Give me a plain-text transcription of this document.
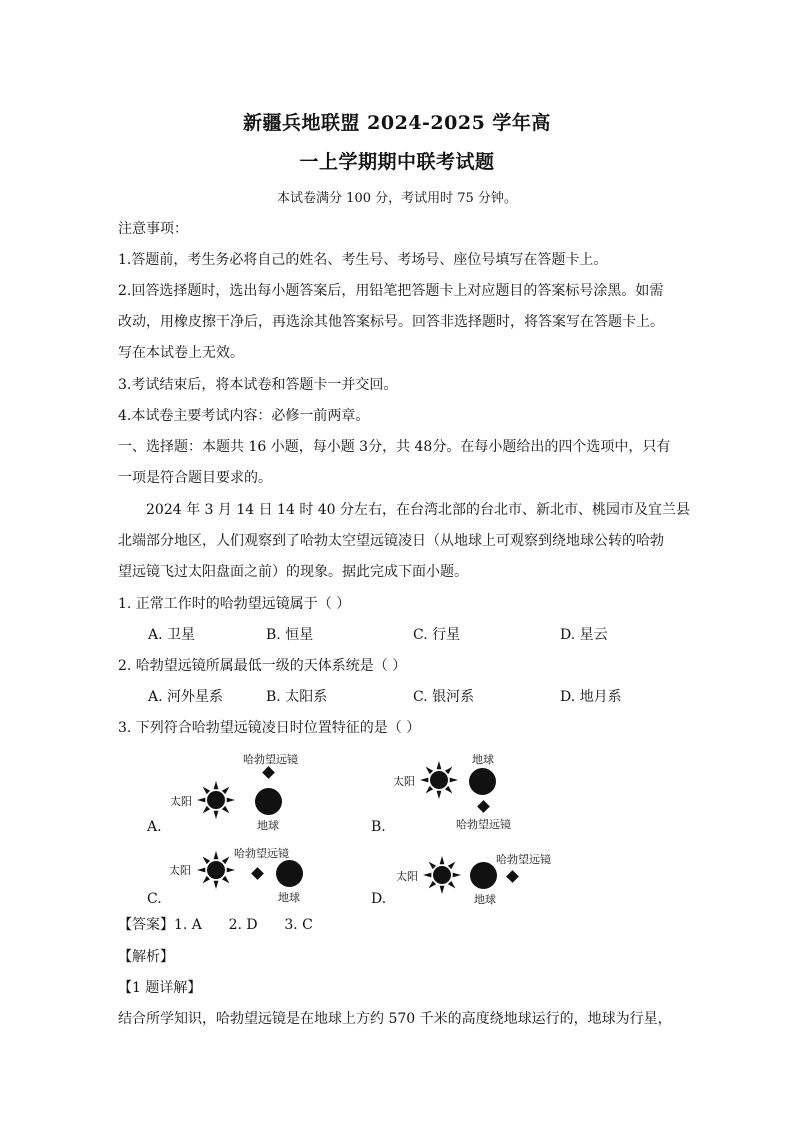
新疆兵地联盟 2024-2025 学年高
一上学期期中联考试题
本试卷满分 100 分，考试用时 75 分钟。
注意事项：
1.答题前，考生务必将自己的姓名、考生号、考场号、座位号填写在答题卡上。
2.回答选择题时，选出每小题答案后，用铅笔把答题卡上对应题目的答案标号涂黑。如需
改动，用橡皮擦干净后，再选涂其他答案标号。回答非选择题时，将答案写在答题卡上。
写在本试卷上无效。
3.考试结束后，将本试卷和答题卡一并交回。
4.本试卷主要考试内容：必修一前两章。
一、选择题：本题共 16 小题，每小题 3分，共 48分。在每小题给出的四个选项中，只有
一项是符合题目要求的。
2024 年 3 月 14 日 14 时 40 分左右，在台湾北部的台北市、新北市、桃园市及宜兰县
北端部分地区，人们观察到了哈勃太空望远镜凌日（从地球上可观察到绕地球公转的哈勃
望远镜飞过太阳盘面之前）的现象。据此完成下面小题。
1. 正常工作时的哈勃望远镜属于（ ）
A. 卫星	B. 恒星	C. 行星	D. 星云
2. 哈勃望远镜所属最低一级的天体系统是（ ）
A. 河外星系	B. 太阳系	C. 银河系	D. 地月系
3. 下列符合哈勃望远镜凌日时位置特征的是（ ）
哈勃望远镜
太阳
地球
A.
太阳
地球
哈勃望远镜
B.
太阳
哈勃望远镜
地球
C.
太阳
哈勃望远镜
地球
D.
【答案】1. A      2. D      3. C
【解析】
【1 题详解】
结合所学知识，哈勃望远镜是在地球上方约 570 千米的高度绕地球运行的，地球为行星，
